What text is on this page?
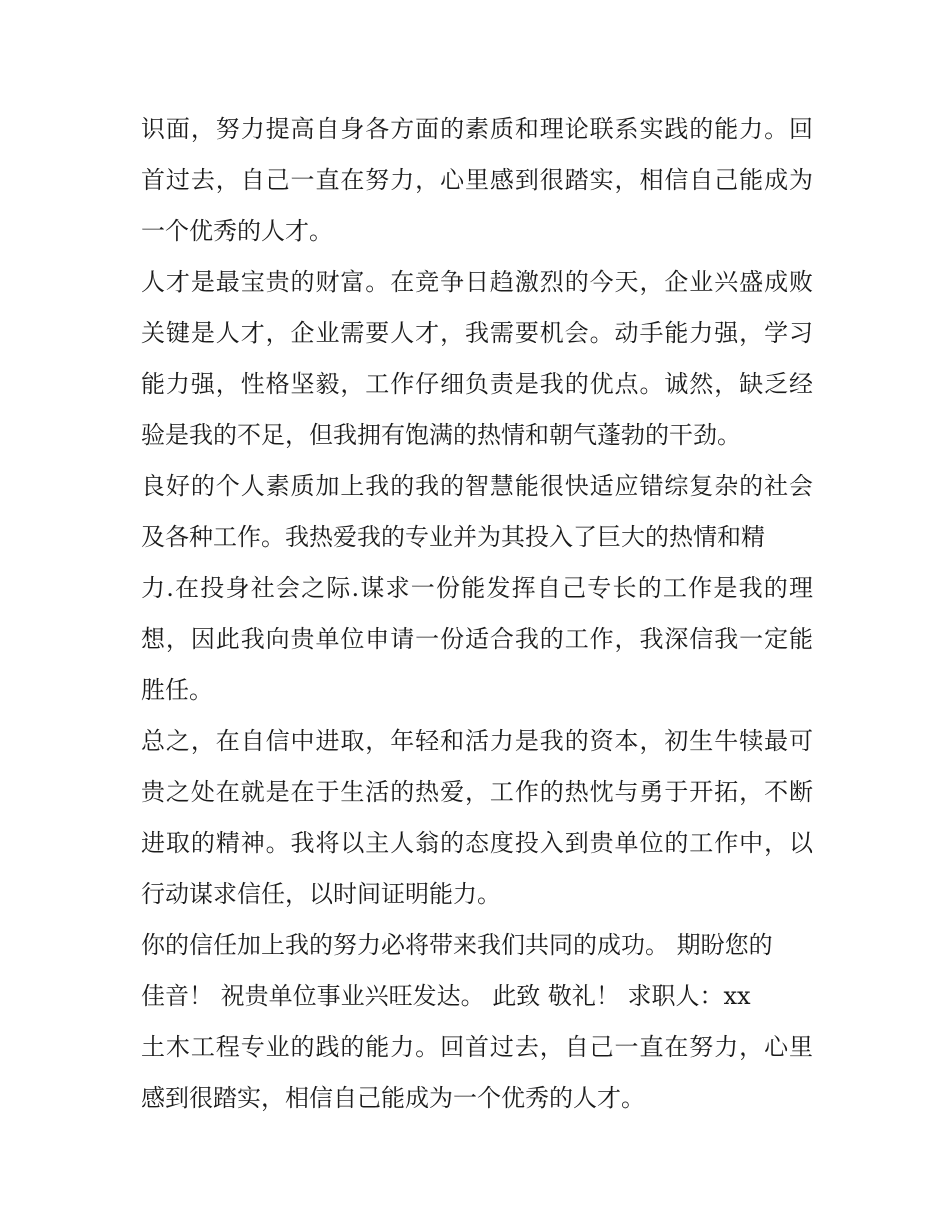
识面，努力提高自身各方面的素质和理论联系实践的能力。回
首过去，自己一直在努力，心里感到很踏实，相信自己能成为
一个优秀的人才。
人才是最宝贵的财富。在竞争日趋激烈的今天，企业兴盛成败
关键是人才，企业需要人才，我需要机会。动手能力强，学习
能力强，性格坚毅，工作仔细负责是我的优点。诚然，缺乏经
验是我的不足，但我拥有饱满的热情和朝气蓬勃的干劲。
良好的个人素质加上我的我的智慧能很快适应错综复杂的社会
及各种工作。我热爱我的专业并为其投入了巨大的热情和精
力.在投身社会之际.谋求一份能发挥自己专长的工作是我的理
想，因此我向贵单位申请一份适合我的工作，我深信我一定能
胜任。
总之，在自信中进取，年轻和活力是我的资本，初生牛犊最可
贵之处在就是在于生活的热爱，工作的热忱与勇于开拓，不断
进取的精神。我将以主人翁的态度投入到贵单位的工作中，以
行动谋求信任，以时间证明能力。
你的信任加上我的努力必将带来我们共同的成功。 期盼您的
佳音！ 祝贵单位事业兴旺发达。 此致 敬礼！ 求职人：xx
土木工程专业的践的能力。回首过去，自己一直在努力，心里
感到很踏实，相信自己能成为一个优秀的人才。
